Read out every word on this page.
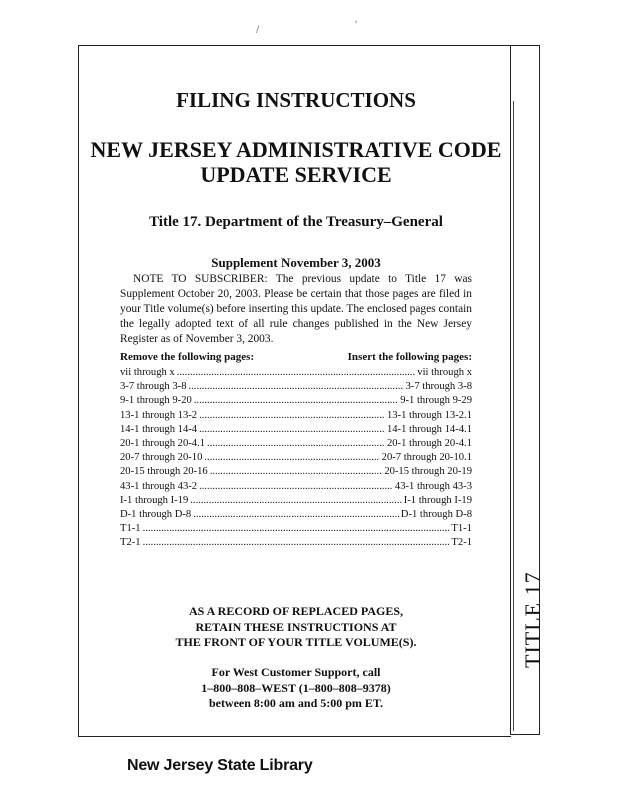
TITLE 17
/
,
FILING INSTRUCTIONS
NEW JERSEY ADMINISTRATIVE CODE
UPDATE SERVICE
Title 17. Department of the Treasury–General
Supplement November 3, 2003
NOTE TO SUBSCRIBER: The previous update to Title 17 was Supplement October 20, 2003. Please be certain that those pages are filed in your Title volume(s) before inserting this update. The enclosed pages contain the legally adopted text of all rule changes published in the New Jersey Register as of November 3, 2003.
Remove the following pages:	Insert the following pages:
vii through x .....	vii through x
3-7 through 3-8 .....	3-7 through 3-8
9-1 through 9-20 .....	9-1 through 9-29
13-1 through 13-2 .....	13-1 through 13-2.1
14-1 through 14-4 .....	14-1 through 14-4.1
20-1 through 20-4.1 .....	20-1 through 20-4.1
20-7 through 20-10 .....	20-7 through 20-10.1
20-15 through 20-16 .....	20-15 through 20-19
43-1 through 43-2 .....	43-1 through 43-3
I-1 through I-19 .....	I-1 through I-19
D-1 through D-8 .....	D-1 through D-8
T1-1 .....	T1-1
T2-1 .....	T2-1
AS A RECORD OF REPLACED PAGES,
RETAIN THESE INSTRUCTIONS AT
THE FRONT OF YOUR TITLE VOLUME(S).
For West Customer Support, call
1–800–808–WEST (1–800–808–9378)
between 8:00 am and 5:00 pm ET.
New Jersey State Library
